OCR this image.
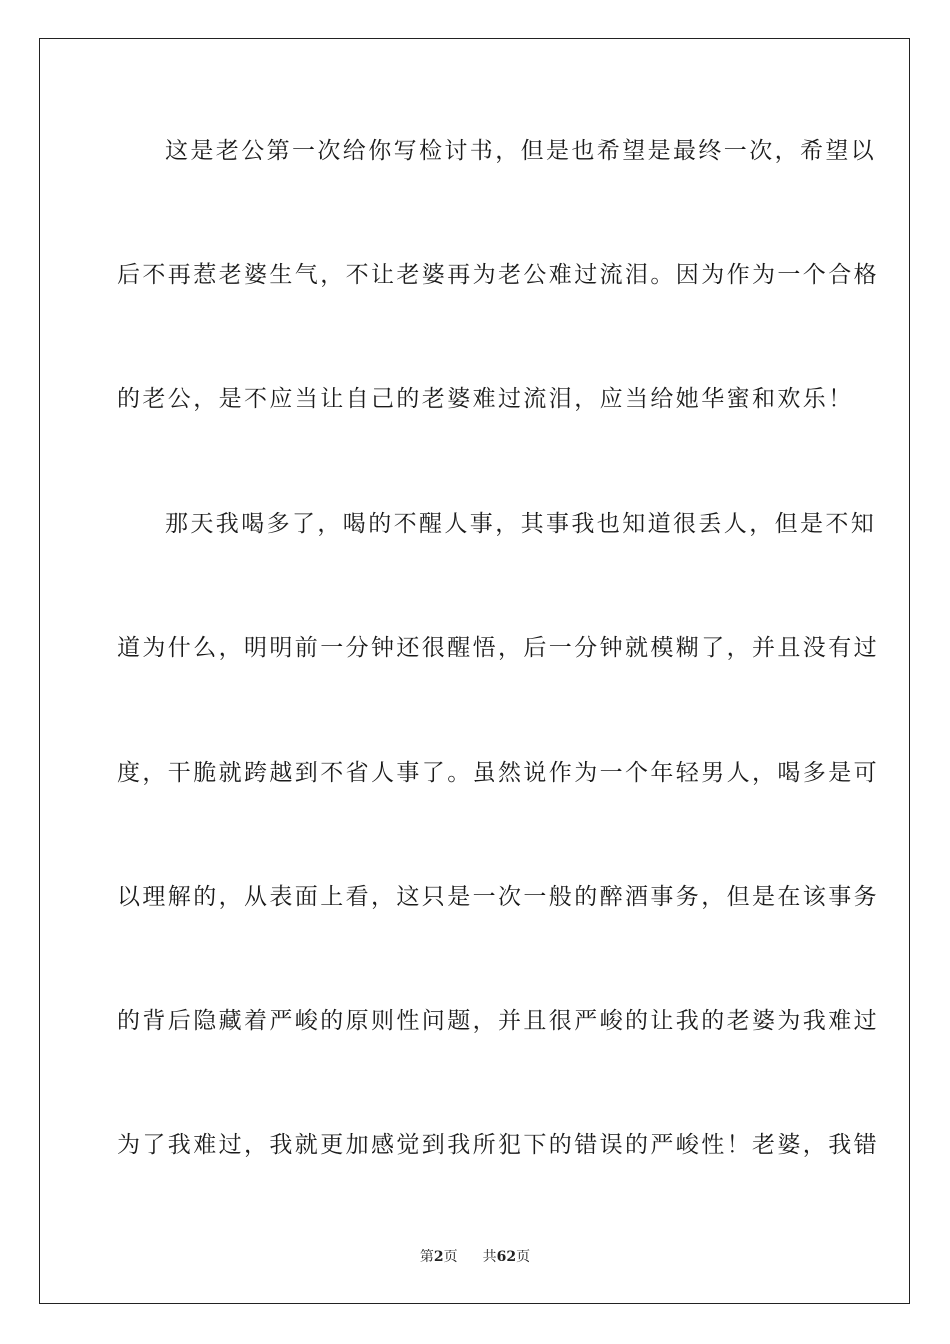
这是老公第一次给你写检讨书，但是也希望是最终一次，希望以
后不再惹老婆生气，不让老婆再为老公难过流泪。因为作为一个合格
的老公，是不应当让自己的老婆难过流泪，应当给她华蜜和欢乐！
那天我喝多了，喝的不醒人事，其事我也知道很丢人，但是不知
道为什么，明明前一分钟还很醒悟，后一分钟就模糊了，并且没有过
度，干脆就跨越到不省人事了。虽然说作为一个年轻男人，喝多是可
以理解的，从表面上看，这只是一次一般的醉酒事务，但是在该事务
的背后隐藏着严峻的原则性问题，并且很严峻的让我的老婆为我难过
为了我难过，我就更加感觉到我所犯下的错误的严峻性！老婆，我错
第2页 共62页
